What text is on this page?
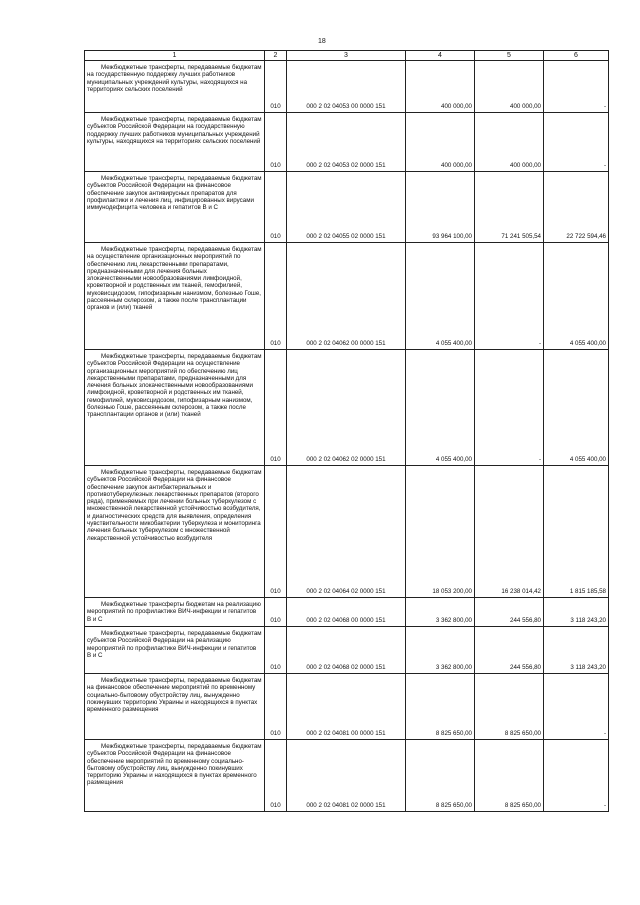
18
1	2	3	4	5	6

Межбюджетные трансферты, передаваемые бюджетам на государственную поддержку лучших работников муниципальных учреждений культуры, находящихся на территориях сельских поселений	010	000 2 02 04053 00 0000 151	400 000,00	400 000,00	-

Межбюджетные трансферты, передаваемые бюджетам субъектов Российской Федерации на государственную поддержку лучших работников муниципальных учреждений культуры, находящихся на территориях сельских поселений	010	000 2 02 04053 02 0000 151	400 000,00	400 000,00	-

Межбюджетные трансферты, передаваемые бюджетам субъектов Российской Федерации на финансовое обеспечение закупок антивирусных препаратов для профилактики и лечения лиц, инфицированных вирусами иммунодефицита человека и гепатитов В и С	010	000 2 02 04055 02 0000 151	93 964 100,00	71 241 505,54	22 722 594,46

Межбюджетные трансферты, передаваемые бюджетам на осуществление организационных мероприятий по обеспечению лиц лекарственными препаратами, предназначенными для лечения больных злокачественными новообразованиями лимфоидной, кроветворной и родственных им тканей, гемофилией, муковисцидозом, гипофизарным нанизмом, болезнью Гоше, рассеянным склерозом, а также после трансплантации органов и (или) тканей	010	000 2 02 04062 00 0000 151	4 055 400,00	-	4 055 400,00

Межбюджетные трансферты, передаваемые бюджетам субъектов Российской Федерации на осуществление организационных мероприятий по обеспечению лиц лекарственными препаратами, предназначенными для лечения больных злокачественными новообразованиями лимфоидной, кроветворной и родственных им тканей, гемофилией, муковисцидозом, гипофизарным нанизмом, болезнью Гоше, рассеянным склерозом, а также после трансплантации органов и (или) тканей	010	000 2 02 04062 02 0000 151	4 055 400,00	-	4 055 400,00

Межбюджетные трансферты, передаваемые бюджетам субъектов Российской Федерации на финансовое обеспечение закупок антибактериальных и противотуберкулезных лекарственных препаратов (второго ряда), применяемых при лечении больных туберкулезом с множественной лекарственной устойчивостью возбудителя, и диагностических средств для выявления, определения чувствительности микобактерии туберкулеза и мониторинга лечения больных туберкулезом с множественной лекарственной устойчивостью возбудителя	010	000 2 02 04064 02 0000 151	18 053 200,00	16 238 014,42	1 815 185,58

Межбюджетные трансферты бюджетам на реализацию мероприятий по профилактике ВИЧ-инфекции и гепатитов В и С	010	000 2 02 04068 00 0000 151	3 362 800,00	244 556,80	3 118 243,20

Межбюджетные трансферты, передаваемые бюджетам субъектов Российской Федерации на реализацию мероприятий по профилактике ВИЧ-инфекции и гепатитов В и С	010	000 2 02 04068 02 0000 151	3 362 800,00	244 556,80	3 118 243,20

Межбюджетные трансферты, передаваемые бюджетам на финансовое обеспечение мероприятий по временному социально-бытовому обустройству лиц, вынужденно покинувших территорию Украины и находящихся в пунктах временного размещения	010	000 2 02 04081 00 0000 151	8 825 650,00	8 825 650,00	-

Межбюджетные трансферты, передаваемые бюджетам субъектов Российской Федерации на финансовое обеспечение мероприятий по временному социально-бытовому обустройству лиц, вынужденно покинувших территорию Украины и находящихся в пунктах временного размещения	010	000 2 02 04081 02 0000 151	8 825 650,00	8 825 650,00	-
